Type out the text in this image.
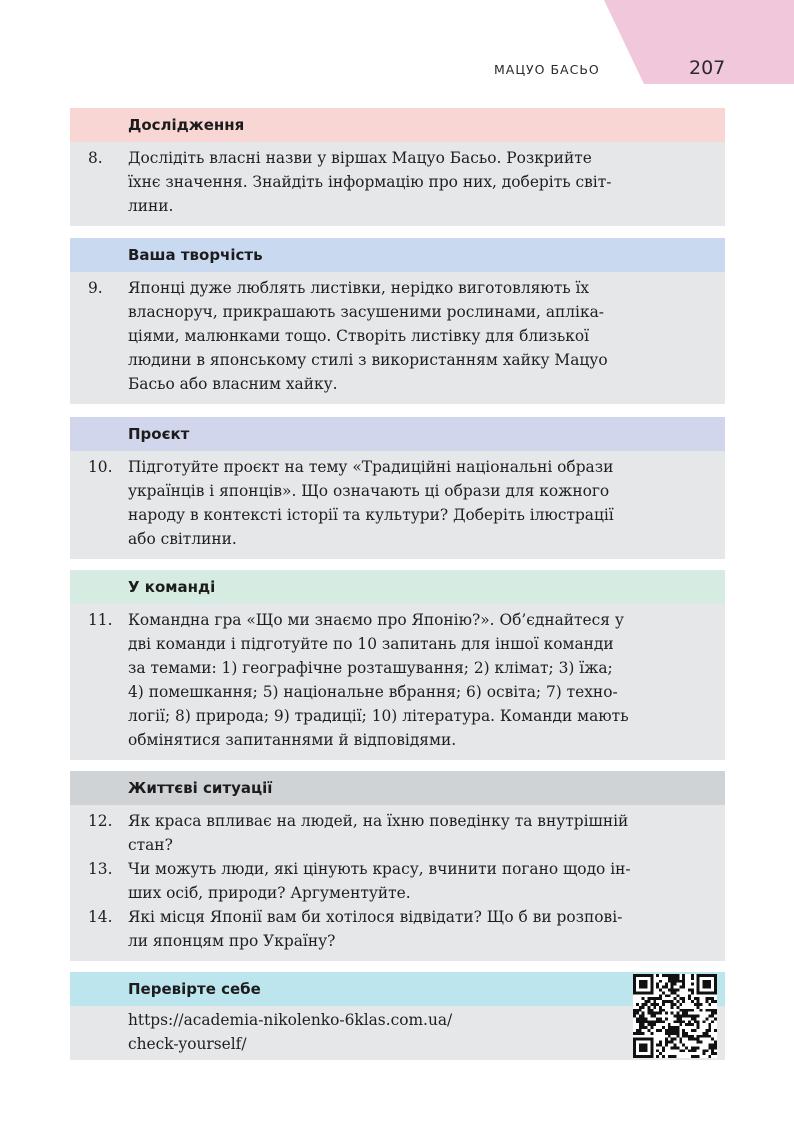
МАЦУО БАСЬО	207
Дослідження
8.	Дослідіть власні назви у віршах Мацуо Басьо. Розкрийте
їхнє значення. Знайдіть інформацію про них, доберіть світ-
лини.
Ваша творчість
9.	Японці дуже люблять листівки, нерідко виготовляють їх
власноруч, прикрашають засушеними рослинами, апліка-
ціями, малюнками тощо. Створіть листівку для близької
людини в японському стилі з використанням хайку Мацуо
Басьо або власним хайку.
Проєкт
10.	Підготуйте проєкт на тему «Традиційні національні образи
українців і японців». Що означають ці образи для кожного
народу в контексті історії та культури? Доберіть ілюстрації
або світлини.
У команді
11.	Командна гра «Що ми знаємо про Японію?». Об’єднайтеся у
дві команди і підготуйте по 10 запитань для іншої команди
за темами: 1) географічне розташування; 2) клімат; 3) їжа;
4) помешкання; 5) національне вбрання; 6) освіта; 7) техно-
логії; 8) природа; 9) традиції; 10) література. Команди мають
обмінятися запитаннями й відповідями.
Життєві ситуації
12.	Як краса впливає на людей, на їхню поведінку та внутрішній
стан?
13.	Чи можуть люди, які цінують красу, вчинити погано щодо ін-
ших осіб, природи? Аргументуйте.
14.	Які місця Японії вам би хотілося відвідати? Що б ви розпові-
ли японцям про Україну?
Перевірте себе
https://academia-nikolenko-6klas.com.ua/
check-yourself/
